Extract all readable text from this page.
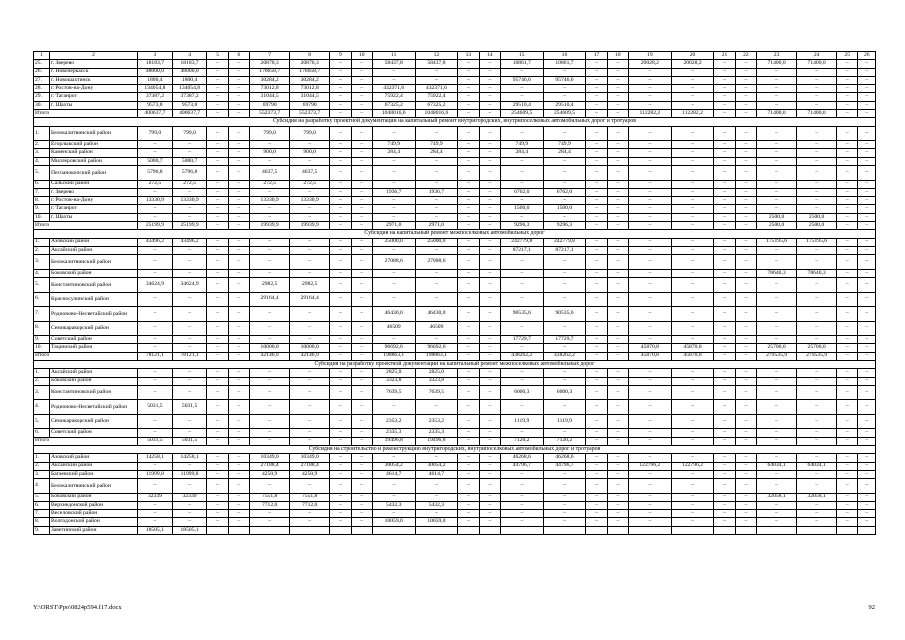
1	2	3	4	5	6	7	8	9	10	11	12	13	14	15	16	17	18	19	20	21	22	23	24	25	26
25.	г. Зверево	18183,7	18183,7	–	–	20870,3	20870,3	–	–	58437,8	58437,8	–	–	10861,7	10861,7	–	–	20028,2	20028,2	–	–	71400,0	71400,0	–	–
26.	г. Новочеркасск	48000,0	48000,0	–	–	176658,7	176658,7	–	–	–	–	–	–	–	–	–	–	–	–	–	–	–	–	–	–
27.	г. Новошахтинск	1800,4	1800,4	–	–	30284,2	30284,2	–	–	–	–	–	–	95746,6	95746,6	–	–	–	–	–	–	–	–	–	–
28.	г. Ростов-на-Дону	134054,8	134054,8	–	–	73012,8	73012,8	–	–	432371,6	432371,6	–	–	–	–	–	–	–	–	–	–	–	–	–	–
29.	г. Таганрог	37387,2	37387,2	–	–	31044,5	31044,5	–	–	75922,4	75922,4	–	–	–	–	–	–	–	–	–	–	–	–	–	–
30.	г. Шахты	9573,8	9573,8	–	–	69790	69790	–	–	67325,2	67325,2	–	–	29510,4	29510,4	–	–	–	–	–	–	–	–	–	–
Итого		400637,7	400637,7	–	–	552373,7	552373,7	–	–	1048016,6	1048016,6	–	–	254609,5	254609,5	–	–	112282,2	112282,2	–	–	71400,0	71400,0	–	–
Субсидия на разработку проектной документации на капитальный ремонт внутригородских, внутрипоселковых автомобильных дорог и тротуаров																									
1.	Белокалитвинский район	799,0	799,0	–	–	799,0	799,0	–	–	–	–	–	–	–	–	–	–	–	–	–	–	–	–	–	–
2.	Егорлыкский район	–	–	–	–	–	–	–	–	749,9	749,9	–	–	749,9	749,9	–	–	–	–	–	–	–	–	–	–
3.	Каменский район	–	–	–	–	900,0	900,0	–	–	284,4	284,4	–	–	284,4	284,4	–	–	–	–	–	–	–	–	–	–
4.	Миллеровский район	5000,7	5000,7	–	–	–	–	–	–	–	–	–	–	–	–	–	–	–	–	–	–	–	–	–	–
5.	Песчанокопский район	5796,8	5796,8	–	–	4637,5	4637,5	–	–	–	–	–	–	–	–	–	–	–	–	–	–	–	–	–	–
6.	Сальский район	272,5	272,5	–	–	272,5	272,5	–	–	–	–	–	–	–	–	–	–	–	–	–	–	–	–	–	–
7.	г. Зверево	–	–	–	–	–	–	–	–	1936,7	1936,7	–	–	6762,0	6762,0	–	–	–	–	–	–	–	–	–	–
8.	г. Ростов-на-Дону	13330,9	13330,9	–	–	13330,9	13330,9	–	–	–	–	–	–	–	–	–	–	–	–	–	–	–	–	–	–
9.	г. Таганрог	–	–	–	–	–	–	–	–	–	–	–	–	1500,0	1500,0	–	–	–	–	–	–	–	–	–	–
10.	г. Шахты	–	–	–	–	–	–	–	–	–	–	–	–	–	–	–	–	–	–	–	–	2500,0	2500,0	–	–
Итого		25199,9	25199,9	–	–	19939,9	19939,9	–	–	2971,0	2971,0	–	–	9296,3	9296,3	–	–	–	–	–	–	2500,0	2500,0	–	–
Субсидия на капитальный ремонт межпоселковых автомобильных дорог																									
1.	Азовский район	43496,2	43496,2	–	–	–	–	–	–	25000,0	25000,0	–	–	242779,8	242779,8	–	–	–	–	–	–	175195,6	175195,6	–	–
2.	Аксайский район	–	–	–	–	–	–	–	–	–	–	–	–	87217,1	87217,1	–	–	–	–	–	–	–	–	–	–
3.	Белокалитвинский район	–	–	–	–	–	–	–	–	27088,6	27088,6	–	–	–	–	–	–	–	–	–	–	–	–	–	–
4.	Боковский район	–	–	–	–	–	–	–	–	–	–	–	–	–	–	–	–	–	–	–	–	78640,3	78640,3	–	–
5.	Константиновский район	34624,9	34624,9	–	–	2982,5	2982,5	–	–	–	–	–	–	–	–	–	–	–	–	–	–	–	–	–	–
6.	Красносулинский район	–	–	–	–	29164,4	29164,4	–	–	–	–	–	–	–	–	–	–	–	–	–	–	–	–	–	–
7.	Родионово-Несветайский район	–	–	–	–	–	–	–	–	46430,0	46430,0	–	–	90535,6	90535,6	–	–	–	–	–	–	–	–	–	–
8.	Семикаракорский район	–	–	–	–	–	–	–	–	46509	46509	–	–	–	–	–	–	–	–	–	–	–	–	–	–
9.	Советский район	–	–	–	–	–	–	–	–	–	–	–	–	17729,7	17729,7	–	–	–	–	–	–	–	–	–	–
10.	Тацинский район	–	–	–	–	10000,0	10000,0	–	–	96692,6	96692,6	–	–	–	–	–	–	45870,8	45870,8	–	–	25700,0	25700,0	–	–
Итого		78121,1	78121,1	–	–	42146,9	42146,9	–	–	198863,1	198863,1	–	–	438262,2	438262,2	–	–	45870,8	45870,8	–	–	279535,9	279535,9	–	–
Субсидия на разработку проектной документации на капитальный ремонт межпоселковых автомобильных дорог																									
1.	Аксайский район	–	–	–	–	–	–	–	–	2825,0	2825,0	–	–	–	–	–	–	–	–	–	–	–	–	–	–
2.	Боковский район	–	–	–	–	–	–	–	–	3323,8	3323,8	–	–	–	–	–	–	–	–	–	–	–	–	–	–
3.	Константиновский район	–	–	–	–	–	–	–	–	7639,5	7639,5	–	–	6000,3	6000,3	–	–	–	–	–	–	–	–	–	–
4.	Родионово-Несветайский район	5031,5	5031,5	–	–	–	–	–	–	–	–	–	–	–	–	–	–	–	–	–	–	–	–	–	–
5.	Семикаракорский район	–	–	–	–	–	–	–	–	2353,2	2353,2	–	–	1119,9	1119,9	–	–	–	–	–	–	–	–	–	–
6.	Советский район	–	–	–	–	–	–	–	–	2335,3	2335,3	–	–	–	–	–	–	–	–	–	–	–	–	–	–
Итого		5031,5	5031,5	–	–	–	–	–	–	19496,8	19496,8	–	–	7120,2	7120,2	–	–	–	–	–	–	–	–	–	–
Субсидия на строительство и реконструкцию внутригородских, внутрипоселковых автомобильных дорог и тротуаров																									
1.	Азовский район	14258,1	14258,1	–	–	10349,0	10349,0	–	–	–	–	–	–	46268,6	46268,6	–	–	–	–	–	–	–	–	–	–
2.	Аксайский район	–	–	–	–	27188,4	27188,4	–	–	30054,2	30054,2	–	–	44796,7	44796,7	–	–	122796,2	122796,2	–	–	64034,1	64034,1	–	–
3.	Багаевский район	11999,8	11999,8	–	–	4250,9	4250,9	–	–	4614,7	4614,7	–	–	–	–	–	–	–	–	–	–	–	–	–	–
4.	Белокалитвинский район	–	–	–	–	–	–	–	–	–	–	–	–	–	–	–	–	–	–	–	–	–	–	–	–
5.	Боковский район	32339	32339	–	–	7551,8	7551,8	–	–	–	–	–	–	–	–	–	–	–	–	–	–	32058,1	32058,1	–	–
6.	Верхнедонской район	–	–	–	–	7712,0	7712,0	–	–	5432,3	5432,3	–	–	–	–	–	–	–	–	–	–	–	–	–	–
7.	Веселовский район	–	–	–	–	–	–	–	–	–	–	–	–	–	–	–	–	–	–	–	–	–	–	–	–
8.	Волгодонской район	–	–	–	–	–	–	–	–	10059,0	10059,0	–	–	–	–	–	–	–	–	–	–	–	–	–	–
9.	Заветинский район	18505,1	18505,1																						
Y:\ORST\Ppo\0824p594.f17.docx	92
